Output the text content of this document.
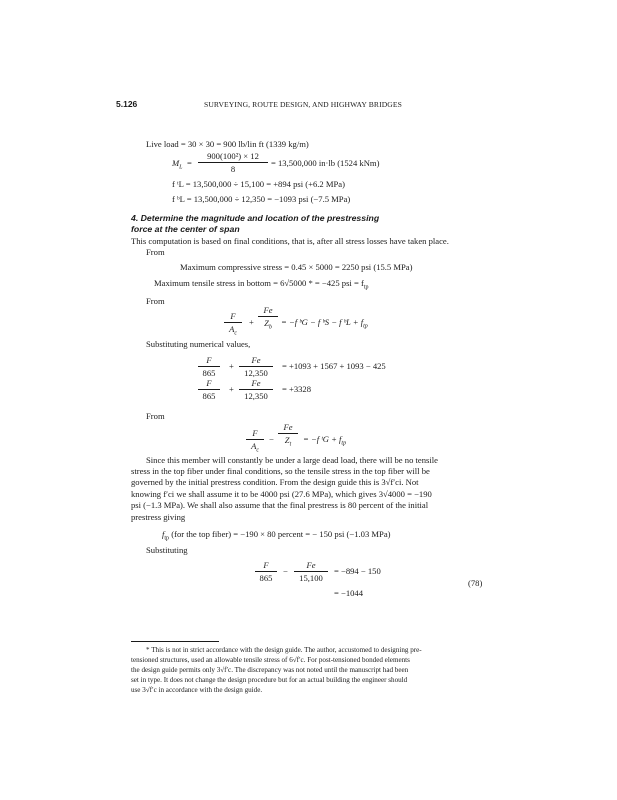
5.126	SURVEYING, ROUTE DESIGN, AND HIGHWAY BRIDGES
Live load = 30 × 30 = 900 lb/lin ft (1339 kg/m)
$M_L = \frac{\text{900(100²) × 12}}{8} = 13,500,000$ in·lb (1524 kNm)
f ᵗL = 13,500,000 ÷ 15,100 = +894 psi (+6.2 MPa)
f ᵇL = 13,500,000 ÷ 12,350 = −1093 psi (−7.5 MPa)
4. Determine the magnitude and location of the prestressing
force at the center of span
This computation is based on final conditions, that is, after all stress losses have taken place.
From
Maximum compressive stress = 0.45 × 5000 = 2250 psi (15.5 MPa)
Maximum tensile stress in bottom = 6√5000 * = −425 psi = $f_{tp}$
From
$\frac{F}{A_c} + \frac{Fe}{Z_b} = -f$ ᵇG − f ᵇS − f ᵇL + $f_{tp}$
Substituting numerical values,
$\frac{F}{865} + \frac{Fe}{12,350} = +1093 + 1567 + 1093 - 425$
$\frac{F}{865} + \frac{Fe}{12,350} = +3328$
From
$\frac{F}{A_c} - \frac{Fe}{Z_t} = -f$ ᵗG + $f_{tp}$
Since this member will constantly be under a large dead load, there will be no tensile
stress in the top fiber under final conditions, so the tensile stress in the top fiber will be
governed by the initial prestress condition. From the design guide this is 3√f′ci. Not
knowing f′ci we shall assume it to be 4000 psi (27.6 MPa), which gives 3√4000 = −190
psi (−1.3 MPa). We shall also assume that the final prestress is 80 percent of the initial
prestress giving
$f_{tp}$ (for the top fiber) = −190 × 80 percent = − 150 psi (−1.03 MPa)
Substituting
$\frac{F}{865} - \frac{Fe}{15,100} = -894 - 150$
= −1044
(78)
* This is not in strict accordance with the design guide. The author, accustomed to designing pre-
tensioned structures, used an allowable tensile stress of 6√f′c. For post-tensioned bonded elements
the design guide permits only 3√f′c. The discrepancy was not noted until the manuscript had been
set in type. It does not change the design procedure but for an actual building the engineer should
use 3√f′c in accordance with the design guide.
